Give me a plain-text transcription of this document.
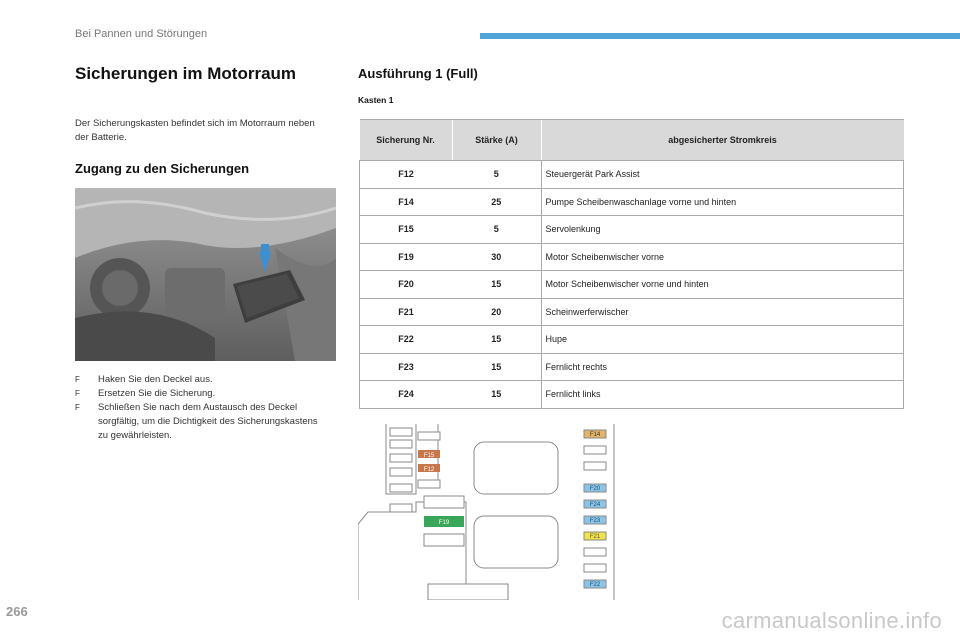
Bei Pannen und Störungen
Sicherungen im Motorraum
Der Sicherungskasten befindet sich im Motorraum neben der Batterie.
Zugang zu den Sicherungen
F Haken Sie den Deckel aus.
F Ersetzen Sie die Sicherung.
F Schließen Sie nach dem Austausch des Deckel sorgfältig, um die Dichtigkeit des Sicherungskastens zu gewährleisten.
Ausführung 1 (Full)
Kasten 1
Sicherung Nr.	Stärke (A)	abgesicherter Stromkreis
F12	5	Steuergerät Park Assist
F14	25	Pumpe Scheibenwaschanlage vorne und hinten
F15	5	Servolenkung
F19	30	Motor Scheibenwischer vorne
F20	15	Motor Scheibenwischer vorne und hinten
F21	20	Scheinwerferwischer
F22	15	Hupe
F23	15	Fernlicht rechts
F24	15	Fernlicht links
F15
F12
F19
F14
F20
F24
F23
F21
F22
266	carmanualsonline.info
